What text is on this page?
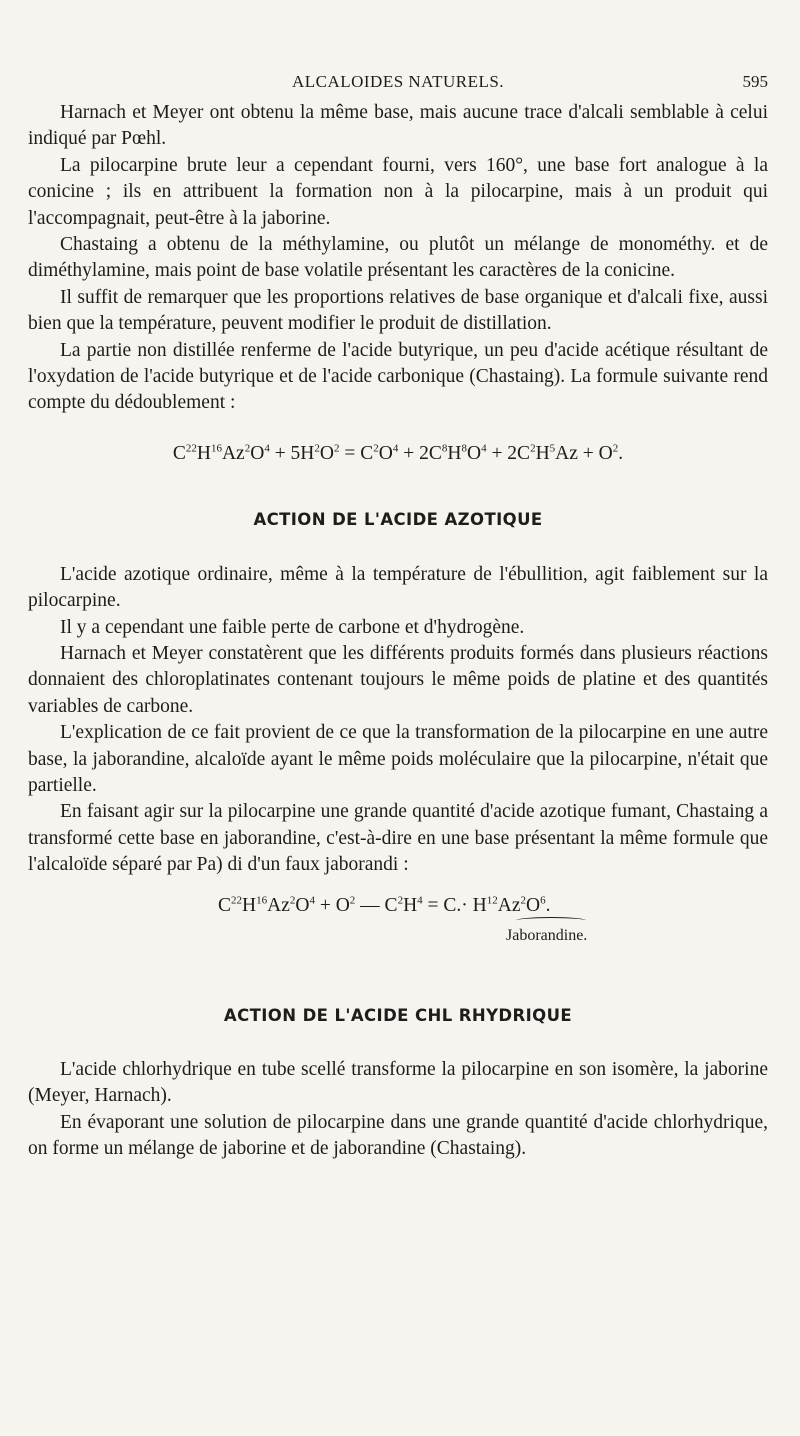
ALCALOIDES NATURELS.	595

Harnach et Meyer ont obtenu la même base, mais aucune trace d'alcali semblable à celui indiqué par Pœhl.

La pilocarpine brute leur a cependant fourni, vers 160°, une base fort analogue à la conicine ; ils en attribuent la formation non à la pilocarpine, mais à un produit qui l'accompagnait, peut-être à la jaborine.

Chastaing a obtenu de la méthylamine, ou plutôt un mélange de monométhy. et de diméthylamine, mais point de base volatile présentant les caractères de la conicine.

Il suffit de remarquer que les proportions relatives de base organique et d'alcali fixe, aussi bien que la température, peuvent modifier le produit de distillation.

La partie non distillée renferme de l'acide butyrique, un peu d'acide acétique résultant de l'oxydation de l'acide butyrique et de l'acide carbonique (Chastaing). La formule suivante rend compte du dédoublement :

$C^{22}H^{16}Az^2O^4 + 5H^2O^2 = C^2O^4 + 2C^8H^8O^4 + 2C^2H^5Az + O^2$.
ACTION DE L'ACIDE AZOTIQUE

L'acide azotique ordinaire, même à la température de l'ébullition, agit faiblement sur la pilocarpine.

Il y a cependant une faible perte de carbone et d'hydrogène.

Harnach et Meyer constatèrent que les différents produits formés dans plusieurs réactions donnaient des chloroplatinates contenant toujours le même poids de platine et des quantités variables de carbone.

L'explication de ce fait provient de ce que la transformation de la pilocarpine en une autre base, la jaborandine, alcaloïde ayant le même poids moléculaire que la pilocarpine, n'était que partielle.

En faisant agir sur la pilocarpine une grande quantité d'acide azotique fumant, Chastaing a transformé cette base en jaborandine, c'est-à-dire en une base présentant la même formule que l'alcaloïde séparé par Pa) di d'un faux jaborandi :

$C^{22}H^{16}Az^2O^4 + O^2$ — $C^2H^4 = C.\cdot H^{12}Az^2O^6$.
Jaborandine.
ACTION DE L'ACIDE CHL RHYDRIQUE

L'acide chlorhydrique en tube scellé transforme la pilocarpine en son isomère, la jaborine (Meyer, Harnach).

En évaporant une solution de pilocarpine dans une grande quantité d'acide chlorhydrique, on forme un mélange de jaborine et de jaborandine (Chastaing).
